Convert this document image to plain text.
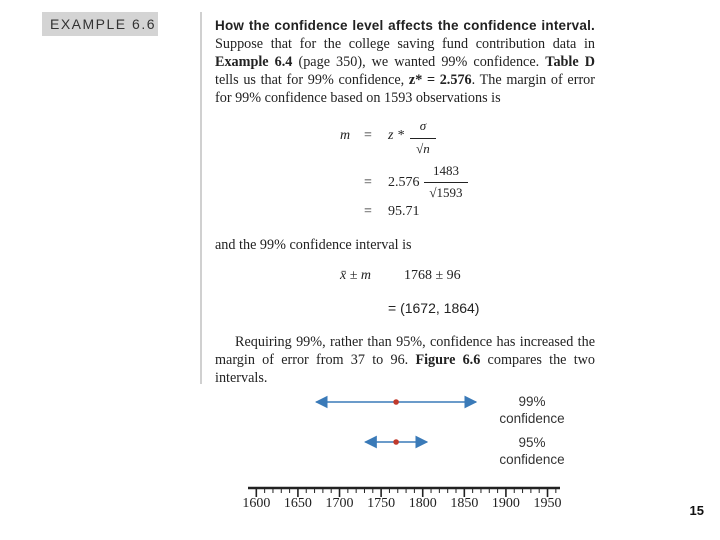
EXAMPLE 6.6	How the confidence level affects the confidence interval. Suppose that for the college saving fund contribution data in Example 6.4 (page 350), we wanted 99% confidence. Table D tells us that for 99% confidence, z* = 2.576. The margin of error for 99% confidence based on 1593 observations is
m = z *
σ
√n
= 2.576
1483
√1593
= 95.71
and the 99% confidence interval is
x̄ ± m 1768 ± 96
= (1672, 1864)
Requiring 99%, rather than 95%, confidence has increased the margin of error from 37 to 96. Figure 6.6 compares the two intervals.
1600 1650 1700 1750 1800 1850 1900 1950
99%
confidence
95%
confidence
15
